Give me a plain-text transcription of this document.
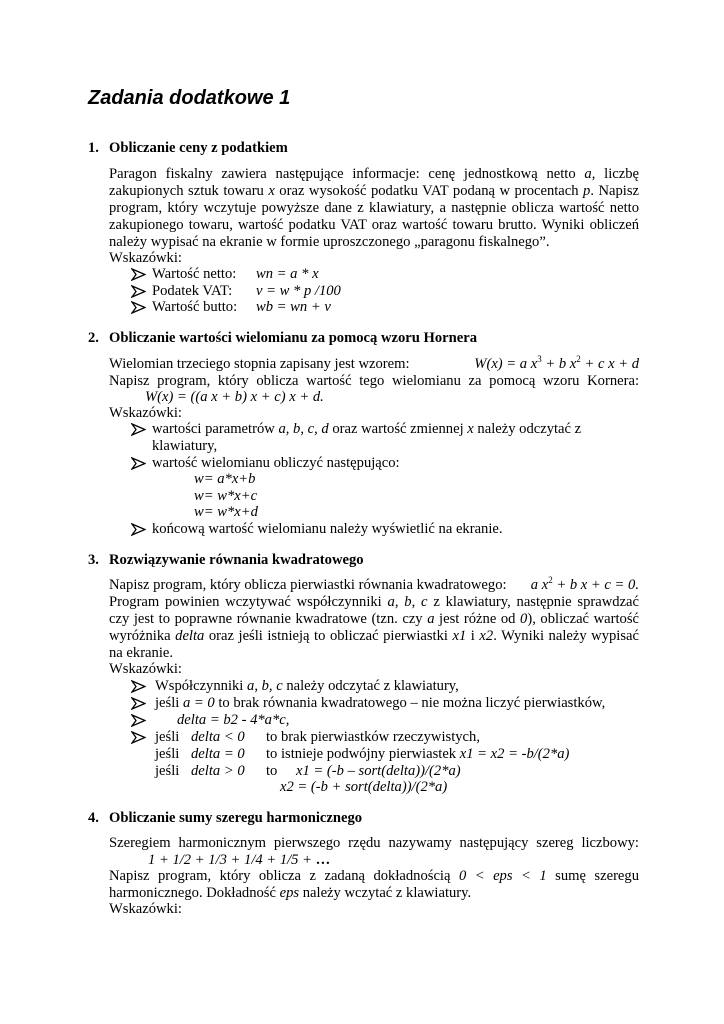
Zadania dodatkowe 1
1. Obliczanie ceny z podatkiem
Paragon fiskalny zawiera następujące informacje: cenę jednostkową netto a, liczbę
zakupionych sztuk towaru x oraz wysokość podatku VAT podaną w procentach p. Napisz
program, który wczytuje powyższe dane z klawiatury, a następnie oblicza wartość netto
zakupionego towaru, wartość podatku VAT oraz wartość towaru brutto. Wyniki obliczeń
należy wypisać na ekranie w formie uproszczonego „paragonu fiskalnego”.
Wskazówki:
Wartość netto: wn = a * x
Podatek VAT: v = w * p /100
Wartość butto: wb = wn + v
2. Obliczanie wartości wielomianu za pomocą wzoru Hornera
Wielomian trzeciego stopnia zapisany jest wzorem:	W(x) = a $x^3 + b$ $x^2 + c$ x + d
Napisz program, który oblicza wartość tego wielomianu za pomocą wzoru Kornera:
W(x) = ((a x + b) x + c) x + d.
Wskazówki:
wartości parametrów a, b, c, d oraz wartość zmiennej x należy odczytać z
klawiatury,
wartość wielomianu obliczyć następująco:
w= a*x+b
w= w*x+c
w= w*x+d
końcową wartość wielomianu należy wyświetlić na ekranie.
3. Rozwiązywanie równania kwadratowego
Napisz program, który oblicza pierwiastki równania kwadratowego:	a $x^2 + b$ x + c = 0.
Program powinien wczytywać współczynniki a, b, c z klawiatury, następnie sprawdzać
czy jest to poprawne równanie kwadratowe (tzn. czy a jest różne od 0), obliczać wartość
wyróżnika delta oraz jeśli istnieją to obliczać pierwiastki x1 i x2. Wyniki należy wypisać
na ekranie.
Wskazówki:
Współczynniki a, b, c należy odczytać z klawiatury,
jeśli a = 0 to brak równania kwadratowego – nie można liczyć pierwiastków,
delta = b2 - 4*a*c,
jeśli delta < 0 to brak pierwiastków rzeczywistych,
jeśli delta = 0 to istnieje podwójny pierwiastek x1 = x2 = -b/(2*a)
jeśli delta > 0 to x1 = (-b – sort(delta))/(2*a)
x2 = (-b + sort(delta))/(2*a)
4. Obliczanie sumy szeregu harmonicznego
Szeregiem harmonicznym pierwszego rzędu nazywamy następujący szereg liczbowy:
1 + 1/2 + 1/3 + 1/4 + 1/5 + …
Napisz program, który oblicza z zadaną dokładnością 0 < eps < 1 sumę szeregu
harmonicznego. Dokładność eps należy wczytać z klawiatury.
Wskazówki:
